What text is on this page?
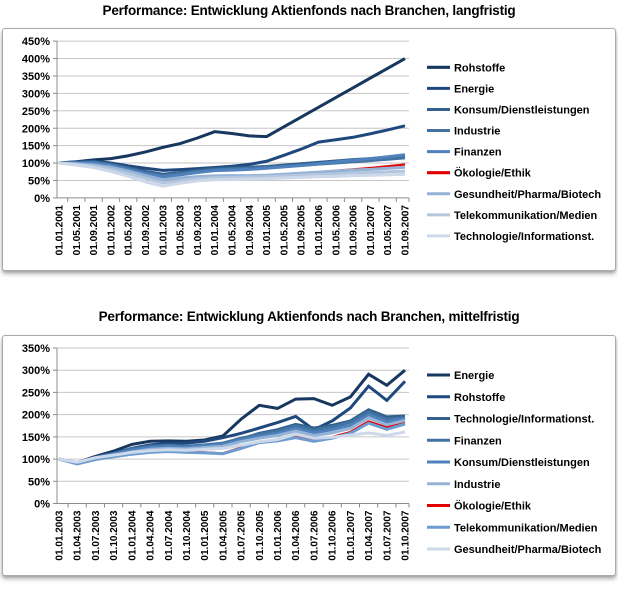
Performance: Entwicklung Aktienfonds nach Branchen, langfristig
0%
50%
100%
150%
200%
250%
300%
350%
400%
450%
01.01.2001 01.05.2001 01.09.2001 01.01.2002 01.05.2002 01.09.2002 01.01.2003 01.05.2003 01.09.2003 01.01.2004 01.05.2004 01.09.2004 01.01.2005 01.05.2005 01.09.2005 01.01.2006 01.05.2006 01.09.2006 01.01.2007 01.05.2007 01.09.2007
Rohstoffe
Energie
Konsum/Dienstleistungen
Industrie
Finanzen
Ökologie/Ethik
Gesundheit/Pharma/Biotech
Telekommunikation/Medien
Technologie/Informationst.
Performance: Entwicklung Aktienfonds nach Branchen, mittelfristig
0%
50%
100%
150%
200%
250%
300%
350%
01.01.2003 01.04.2003 01.07.2003 01.10.2003 01.01.2004 01.04.2004 01.07.2004 01.10.2004 01.01.2005 01.04.2005 01.07.2005 01.10.2005 01.01.2006 01.04.2006 01.07.2006 01.10.2006 01.01.2007 01.04.2007 01.07.2007 01.10.2007
Energie
Rohstoffe
Technologie/Informationst.
Finanzen
Konsum/Dienstleistungen
Industrie
Ökologie/Ethik
Telekommunikation/Medien
Gesundheit/Pharma/Biotech
